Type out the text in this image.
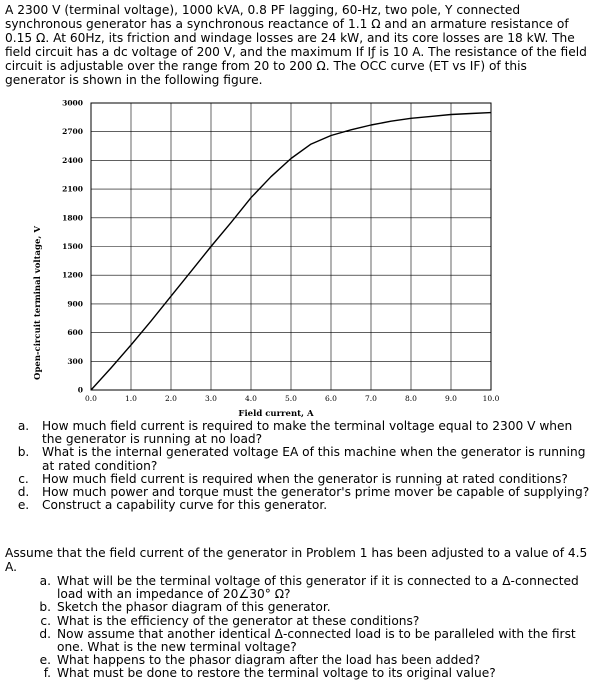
A 2300 V (terminal voltage), 1000 kVA, 0.8 PF lagging, 60-Hz, two pole, Y connected synchronous generator has a synchronous reactance of 1.1 Ω and an armature resistance of 0.15 Ω. At 60Hz, its friction and windage losses are 24 kW, and its core losses are 18 kW. The field circuit has a dc voltage of 200 V, and the maximum If Iƒ is 10 A. The resistance of the field circuit is adjustable over the range from 20 to 200 Ω. The OCC curve (ET vs IF) of this generator is shown in the following figure.
0.0	1.0	2.0	3.0	4.0	5.0	6.0	7.0	8.0	9.0	10.0
0
300
600
900
1200
1500
1800
2100
2400
2700
3000
Field current, A
Open-circuit terminal voltage, V
a.	How much field current is required to make the terminal voltage equal to 2300 V when the generator is running at no load?
b.	What is the internal generated voltage EA of this machine when the generator is running at rated condition?
c.	How much field current is required when the generator is running at rated conditions?
d.	How much power and torque must the generator's prime mover be capable of supplying?
e.	Construct a capability curve for this generator.
Assume that the field current of the generator in Problem 1 has been adjusted to a value of 4.5 A.
a. What will be the terminal voltage of this generator if it is connected to a Δ-connected load with an impedance of 20∠30° Ω?
b. Sketch the phasor diagram of this generator.
c. What is the efficiency of the generator at these conditions?
d. Now assume that another identical Δ-connected load is to be paralleled with the first one. What is the new terminal voltage?
e. What happens to the phasor diagram after the load has been added?
f. What must be done to restore the terminal voltage to its original value?
